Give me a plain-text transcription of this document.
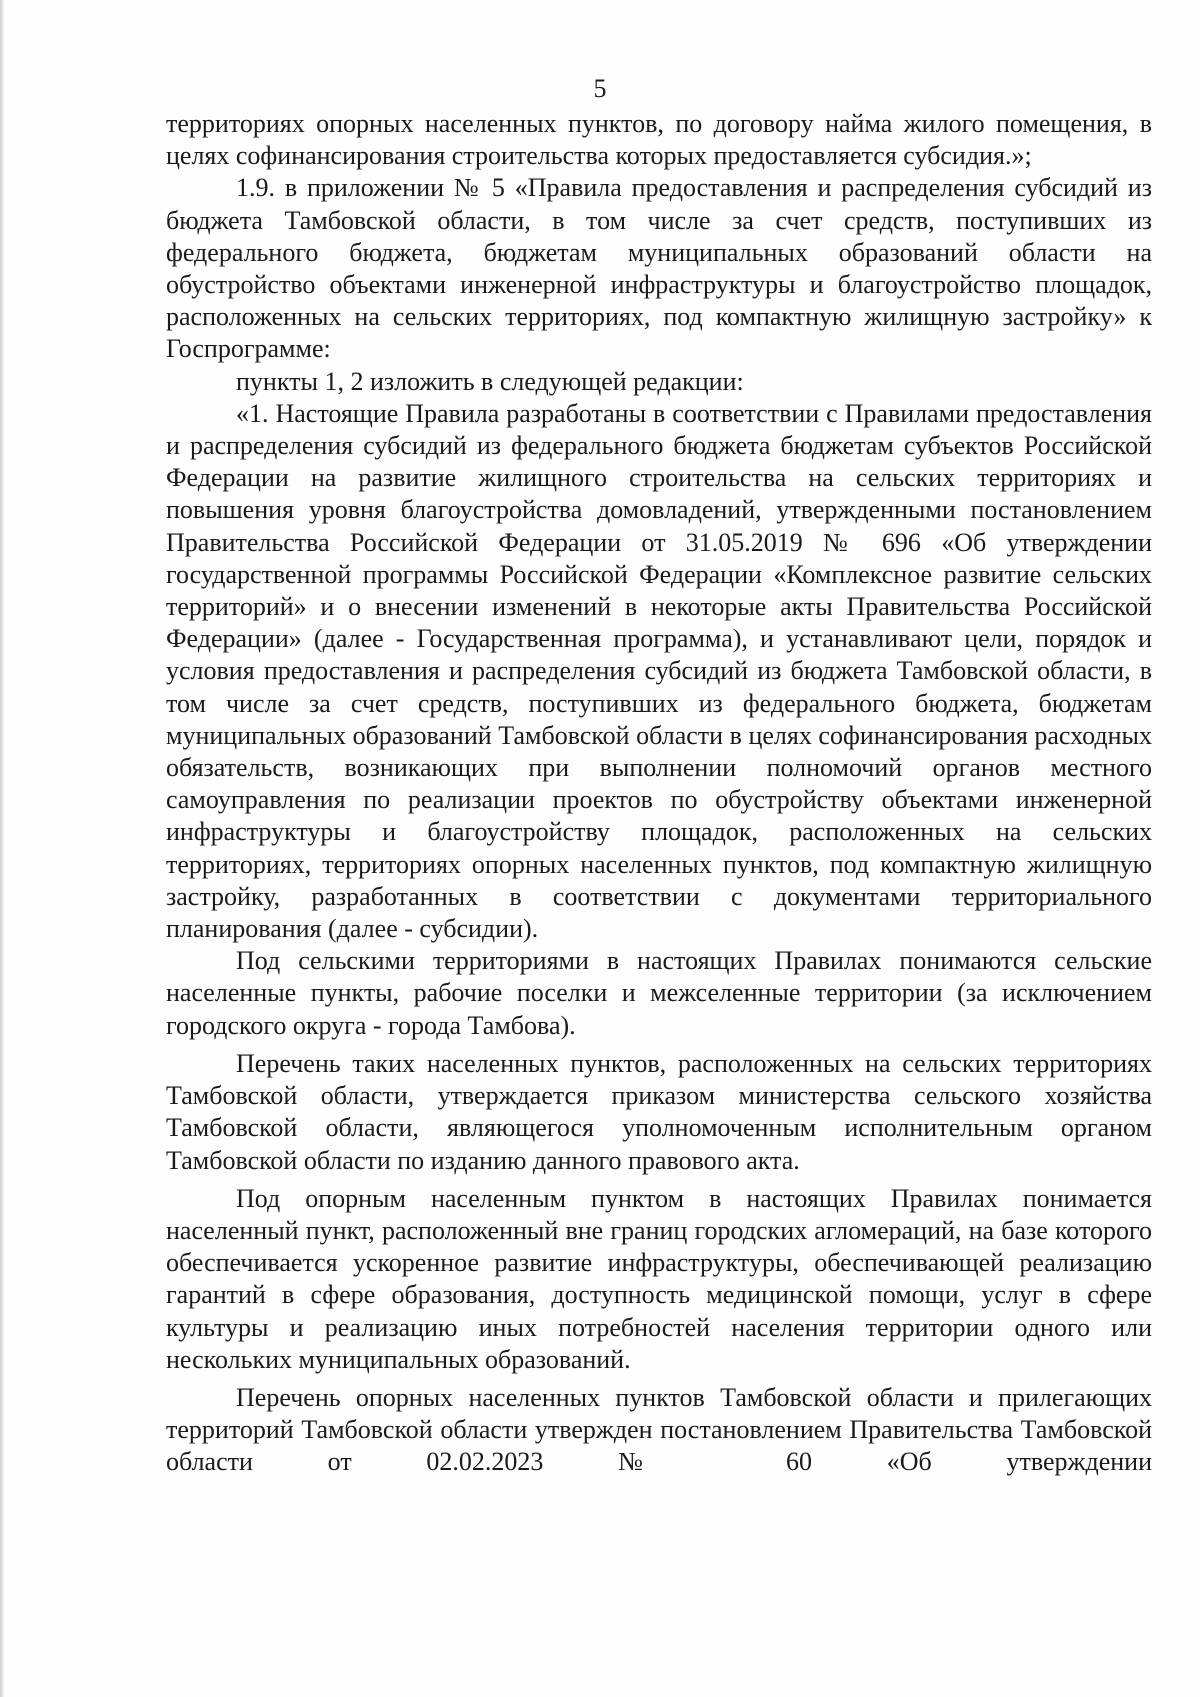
5

территориях опорных населенных пунктов, по договору найма жилого помещения, в целях софинансирования строительства которых предоставляется субсидия.»;

1.9. в приложении № 5 «Правила предоставления и распределения субсидий из бюджета Тамбовской области, в том числе за счет средств, поступивших из федерального бюджета, бюджетам муниципальных образований области на обустройство объектами инженерной инфраструктуры и благоустройство площадок, расположенных на сельских территориях, под компактную жилищную застройку» к Госпрограмме:

пункты 1, 2 изложить в следующей редакции:

«1. Настоящие Правила разработаны в соответствии с Правилами предоставления и распределения субсидий из федерального бюджета бюджетам субъектов Российской Федерации на развитие жилищного строительства на сельских территориях и повышения уровня благоустройства домовладений, утвержденными постановлением Правительства Российской Федерации от 31.05.2019 № 696 «Об утверждении государственной программы Российской Федерации «Комплексное развитие сельских территорий» и о внесении изменений в некоторые акты Правительства Российской Федерации» (далее - Государственная программа), и устанавливают цели, порядок и условия предоставления и распределения субсидий из бюджета Тамбовской области, в том числе за счет средств, поступивших из федерального бюджета, бюджетам муниципальных образований Тамбовской области в целях софинансирования расходных обязательств, возникающих при выполнении полномочий органов местного самоуправления по реализации проектов по обустройству объектами инженерной инфраструктуры и благоустройству площадок, расположенных на сельских территориях, территориях опорных населенных пунктов, под компактную жилищную застройку, разработанных в соответствии с документами территориального планирования (далее - субсидии).

Под сельскими территориями в настоящих Правилах понимаются сельские населенные пункты, рабочие поселки и межселенные территории (за исключением городского округа - города Тамбова).

Перечень таких населенных пунктов, расположенных на сельских территориях Тамбовской области, утверждается приказом министерства сельского хозяйства Тамбовской области, являющегося уполномоченным исполнительным органом Тамбовской области по изданию данного правового акта.

Под опорным населенным пунктом в настоящих Правилах понимается населенный пункт, расположенный вне границ городских агломераций, на базе которого обеспечивается ускоренное развитие инфраструктуры, обеспечивающей реализацию гарантий в сфере образования, доступность медицинской помощи, услуг в сфере культуры и реализацию иных потребностей населения территории одного или нескольких муниципальных образований.

Перечень опорных населенных пунктов Тамбовской области и прилегающих территорий Тамбовской области утвержден постановлением Правительства Тамбовской области от 02.02.2023 № 60 «Об утверждении
